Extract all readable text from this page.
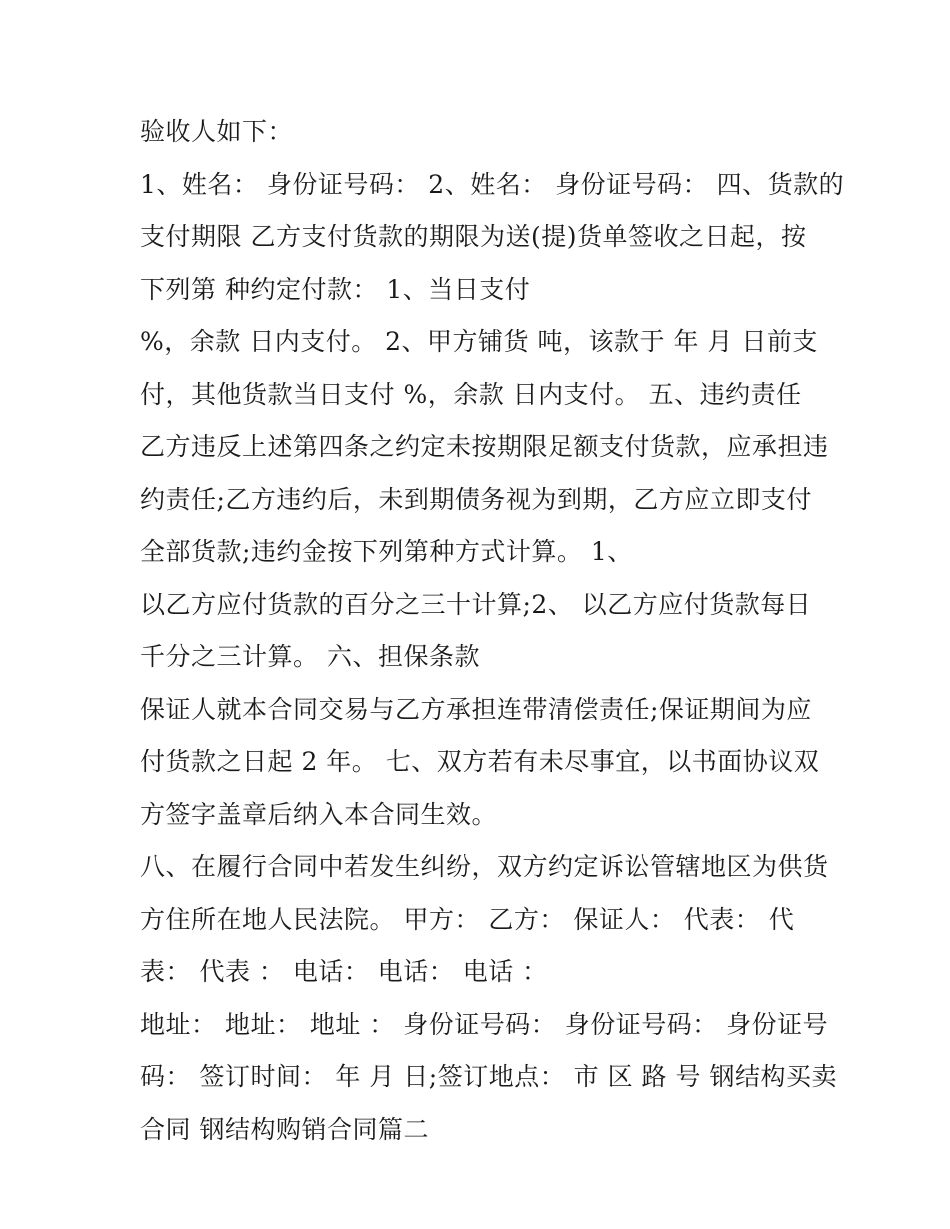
验收人如下：
1、姓名： 身份证号码： 2、姓名： 身份证号码： 四、货款的
支付期限 乙方支付货款的期限为送(提)货单签收之日起，按
下列第 种约定付款： 1、当日支付
%，余款 日内支付。 2、甲方铺货 吨，该款于 年 月 日前支
付，其他货款当日支付 %，余款 日内支付。 五、违约责任
乙方违反上述第四条之约定未按期限足额支付货款，应承担违
约责任;乙方违约后，未到期债务视为到期，乙方应立即支付
全部货款;违约金按下列第种方式计算。 1、
以乙方应付货款的百分之三十计算;2、 以乙方应付货款每日
千分之三计算。 六、担保条款
保证人就本合同交易与乙方承担连带清偿责任;保证期间为应
付货款之日起 2 年。 七、双方若有未尽事宜，以书面协议双
方签字盖章后纳入本合同生效。
八、在履行合同中若发生纠纷，双方约定诉讼管辖地区为供货
方住所在地人民法院。 甲方： 乙方： 保证人： 代表： 代
表： 代表 ： 电话： 电话： 电话 ：
地址： 地址： 地址 ： 身份证号码： 身份证号码： 身份证号
码： 签订时间： 年 月 日;签订地点： 市 区 路 号 钢结构买卖
合同 钢结构购销合同篇二
